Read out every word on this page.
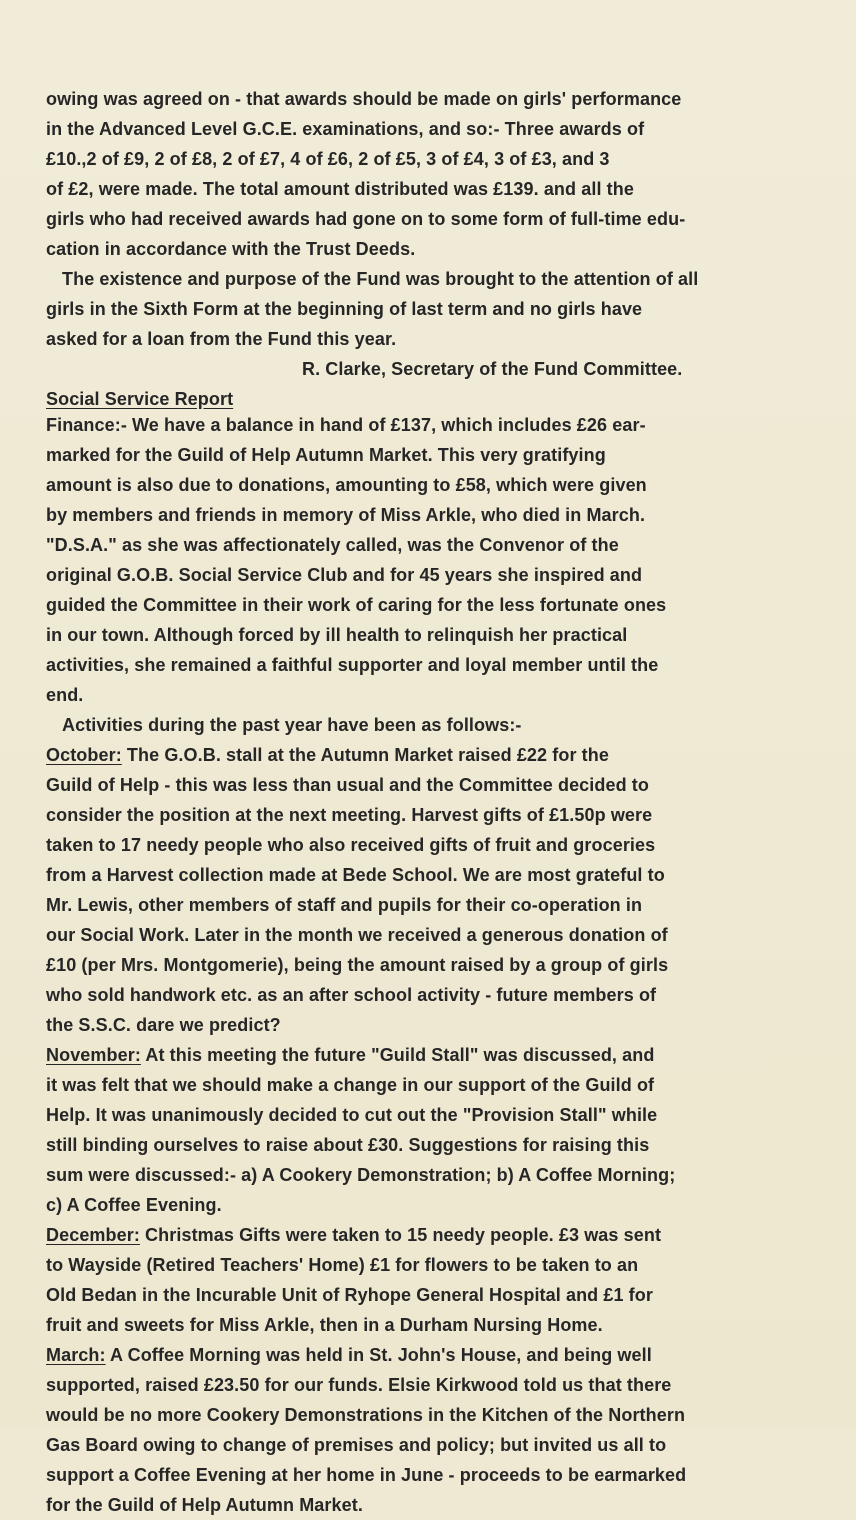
owing was agreed on - that awards should be made on girls' performance
in the Advanced Level G.C.E. examinations, and so:- Three awards of
£10.,2 of £9, 2 of £8, 2 of £7, 4 of £6, 2 of £5, 3 of £4, 3 of £3, and 3
of £2, were made. The total amount distributed was £139. and all the
girls who had received awards had gone on to some form of full-time edu-
cation in accordance with the Trust Deeds.
The existence and purpose of the Fund was brought to the attention of all
girls in the Sixth Form at the beginning of last term and no girls have
asked for a loan from the Fund this year.
R. Clarke, Secretary of the Fund Committee.
Social Service Report
Finance:- We have a balance in hand of £137, which includes £26 ear-
marked for the Guild of Help Autumn Market. This very gratifying
amount is also due to donations, amounting to £58, which were given
by members and friends in memory of Miss Arkle, who died in March.
"D.S.A." as she was affectionately called, was the Convenor of the
original G.O.B. Social Service Club and for 45 years she inspired and
guided the Committee in their work of caring for the less fortunate ones
in our town. Although forced by ill health to relinquish her practical
activities, she remained a faithful supporter and loyal member until the
end.
Activities during the past year have been as follows:-
October: The G.O.B. stall at the Autumn Market raised £22 for the
Guild of Help - this was less than usual and the Committee decided to
consider the position at the next meeting. Harvest gifts of £1.50p were
taken to 17 needy people who also received gifts of fruit and groceries
from a Harvest collection made at Bede School. We are most grateful to
Mr. Lewis, other members of staff and pupils for their co-operation in
our Social Work. Later in the month we received a generous donation of
£10 (per Mrs. Montgomerie), being the amount raised by a group of girls
who sold handwork etc. as an after school activity - future members of
the S.S.C. dare we predict?
November: At this meeting the future "Guild Stall" was discussed, and
it was felt that we should make a change in our support of the Guild of
Help. It was unanimously decided to cut out the "Provision Stall" while
still binding ourselves to raise about £30. Suggestions for raising this
sum were discussed:- a) A Cookery Demonstration; b) A Coffee Morning;
c) A Coffee Evening.
December: Christmas Gifts were taken to 15 needy people. £3 was sent
to Wayside (Retired Teachers' Home) £1 for flowers to be taken to an
Old Bedan in the Incurable Unit of Ryhope General Hospital and £1 for
fruit and sweets for Miss Arkle, then in a Durham Nursing Home.
March: A Coffee Morning was held in St. John's House, and being well
supported, raised £23.50 for our funds. Elsie Kirkwood told us that there
would be no more Cookery Demonstrations in the Kitchen of the Northern
Gas Board owing to change of premises and policy; but invited us all to
support a Coffee Evening at her home in June - proceeds to be earmarked
for the Guild of Help Autumn Market.
